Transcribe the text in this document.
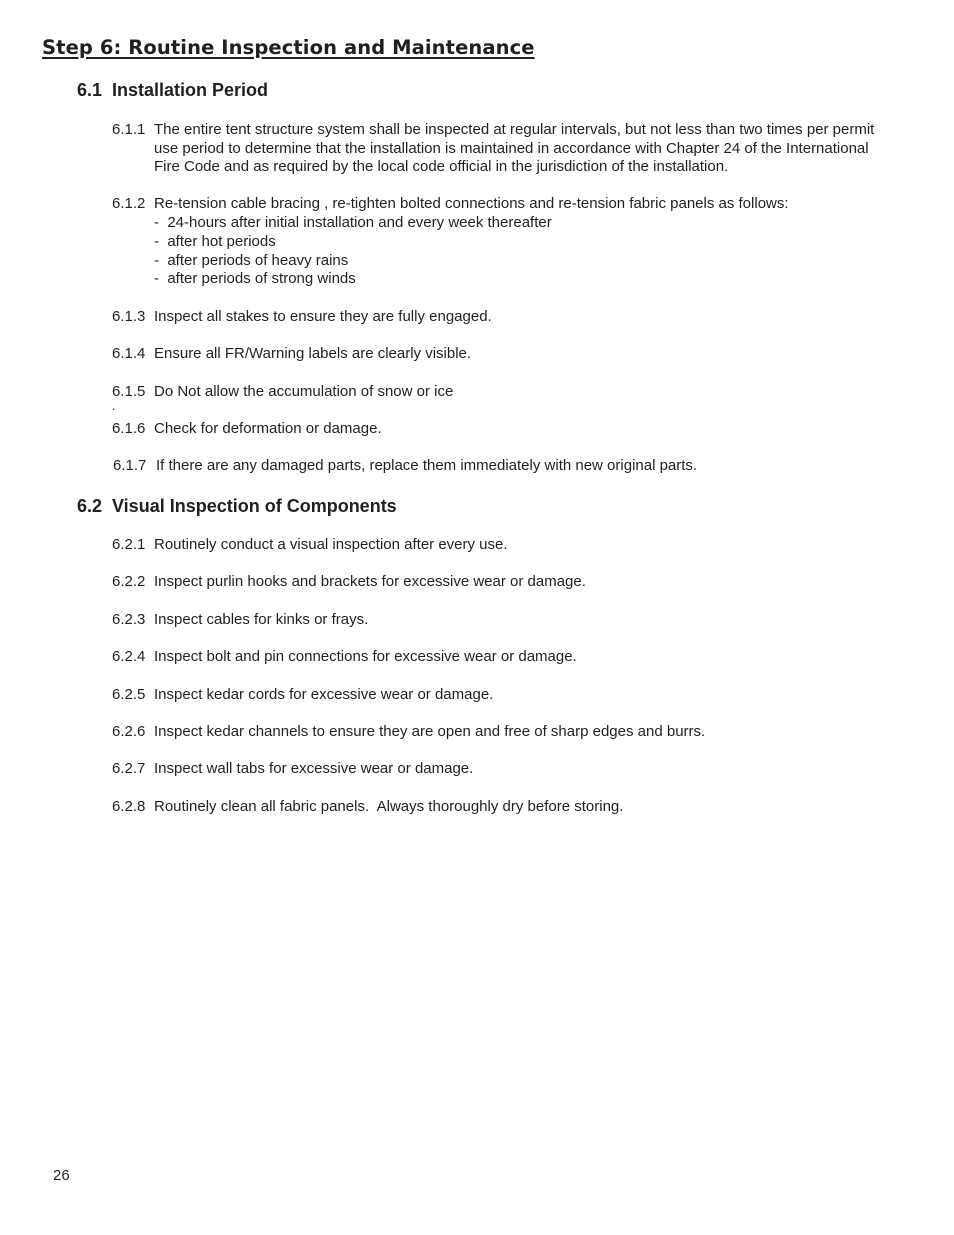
Step 6: Routine Inspection and Maintenance
6.1 Installation Period
6.1.1 The entire tent structure system shall be inspected at regular intervals, but not less than two times per permit
use period to determine that the installation is maintained in accordance with Chapter 24 of the International
Fire Code and as required by the local code official in the jurisdiction of the installation.
6.1.2 Re-tension cable bracing , re-tighten bolted connections and re-tension fabric panels as follows:
-  24-hours after initial installation and every week thereafter
-  after hot periods
-  after periods of heavy rains
-  after periods of strong winds
6.1.3 Inspect all stakes to ensure they are fully engaged.
6.1.4 Ensure all FR/Warning labels are clearly visible.
6.1.5 Do Not allow the accumulation of snow or ice
.
6.1.6 Check for deformation or damage.
6.1.7 If there are any damaged parts, replace them immediately with new original parts.
6.2 Visual Inspection of Components
6.2.1 Routinely conduct a visual inspection after every use.
6.2.2 Inspect purlin hooks and brackets for excessive wear or damage.
6.2.3 Inspect cables for kinks or frays.
6.2.4 Inspect bolt and pin connections for excessive wear or damage.
6.2.5 Inspect kedar cords for excessive wear or damage.
6.2.6 Inspect kedar channels to ensure they are open and free of sharp edges and burrs.
6.2.7 Inspect wall tabs for excessive wear or damage.
6.2.8 Routinely clean all fabric panels.  Always thoroughly dry before storing.
26
